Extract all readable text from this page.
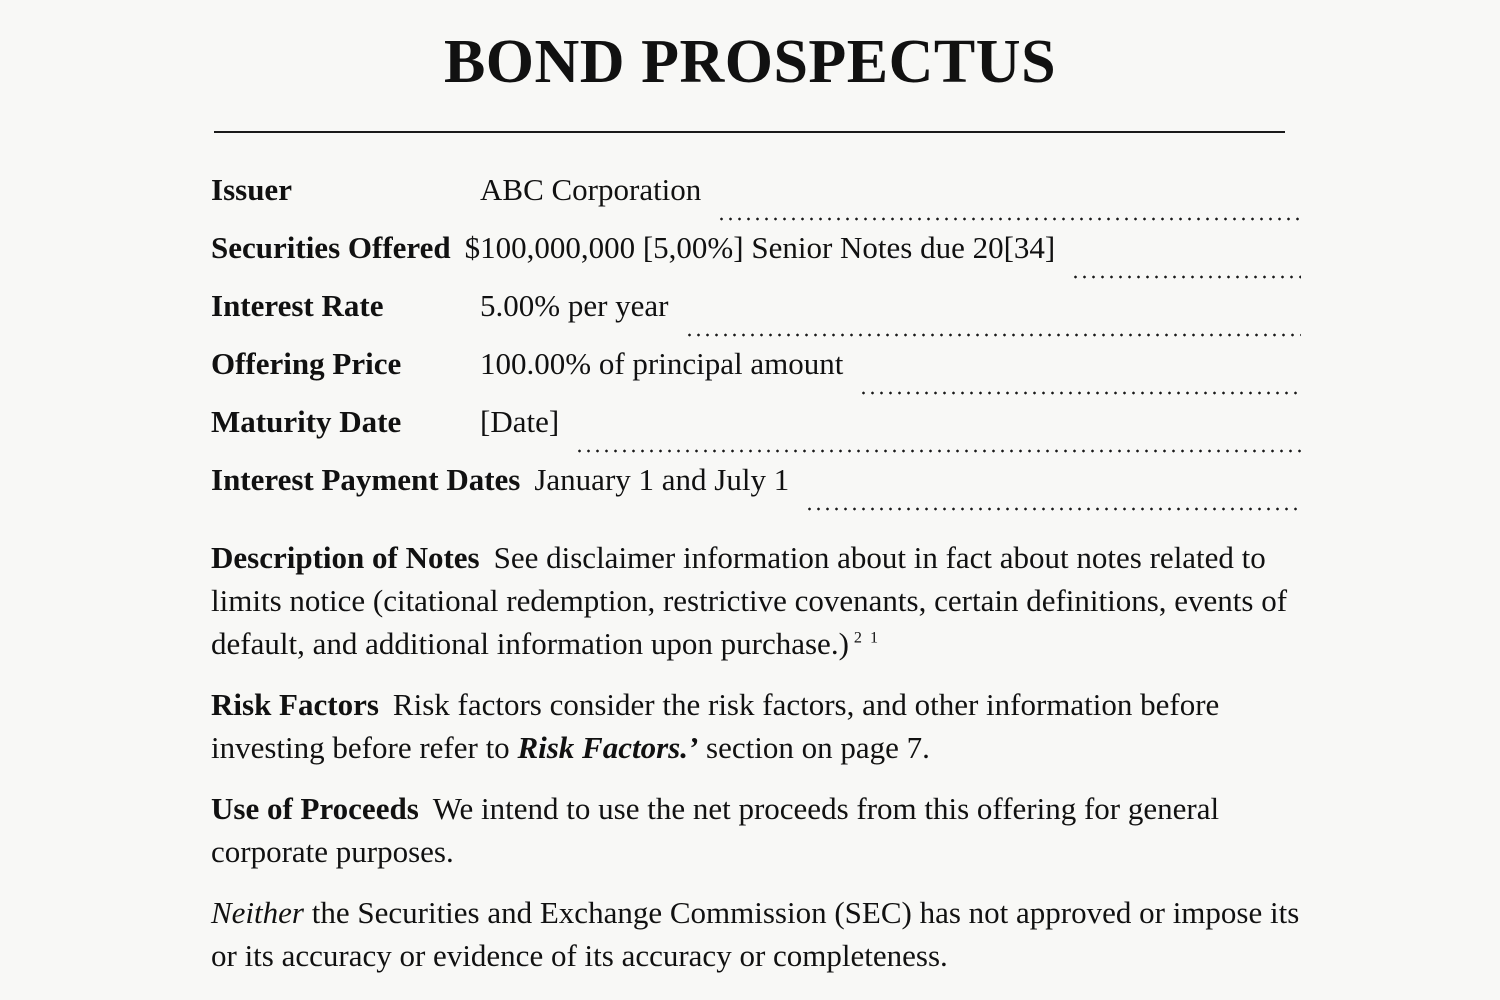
BOND PROSPECTUS
Issuer	ABC Corporation
Securities Offered $100,000,000 [5,00%] Senior Notes due 20[34]
Interest Rate	5.00% per year
Offering Price	100.00% of principal amount
Maturity Date	[Date]
Interest Payment Dates January 1 and July 1
Description of Notes See disclaimer information about in fact about notes related to limits notice (citational redemption, restrictive covenants, certain definitions, events of default, and additional information upon purchase.) $^{2 1}$
Risk Factors Risk factors consider the risk factors, and other information before investing before refer to Risk Factors.’ section on page 7.
Use of Proceeds We intend to use the net proceeds from this offering for general corporate purposes.
Neither the Securities and Exchange Commission (SEC) has not approved or impose its or its accuracy or evidence of its accuracy or completeness.
